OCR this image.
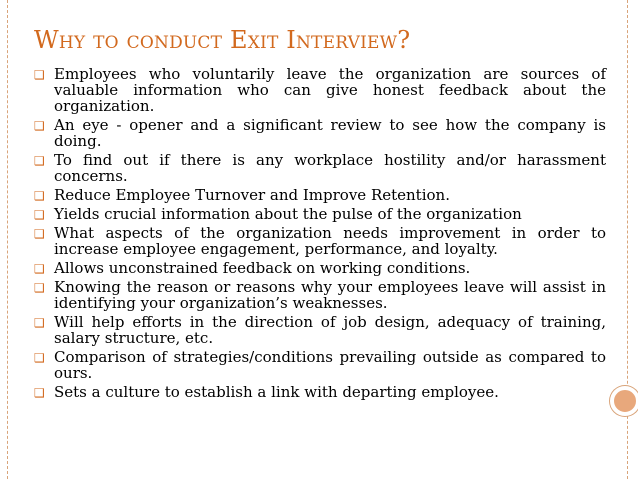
Why to conduct Exit Interview?
❑ Employees who voluntarily leave the organization are sources of valuable information who can give honest feedback about the organization.
❑ An eye - opener and a significant review to see how the company is doing.
❑ To find out if there is any workplace hostility and/or harassment concerns.
❑ Reduce Employee Turnover and Improve Retention.
❑ Yields crucial information about the pulse of the organization
❑ What aspects of the organization needs improvement in order to increase employee engagement, performance, and loyalty.
❑ Allows unconstrained feedback on working conditions.
❑ Knowing the reason or reasons why your employees leave will assist in identifying your organization’s weaknesses.
❑ Will help efforts in the direction of job design, adequacy of training, salary structure, etc.
❑ Comparison of strategies/conditions prevailing outside as compared to ours.
❑ Sets a culture to establish a link with departing employee.
